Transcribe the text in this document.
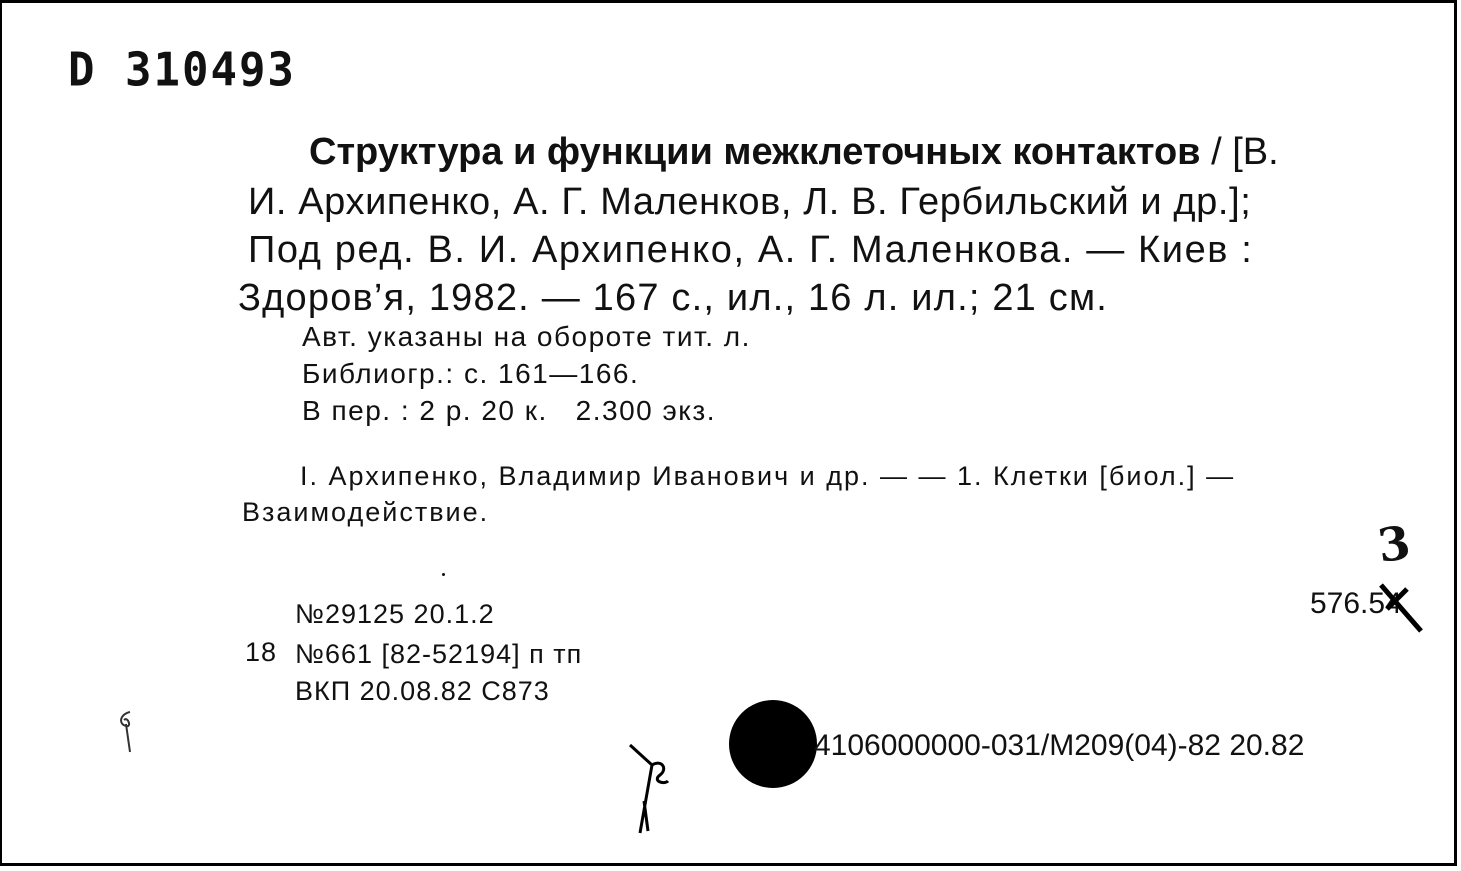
D 310493
Структура и функции межклеточных контактов / [В.
И. Архипенко, А. Г. Маленков, Л. В. Гербильский и др.];
Под ред. В. И. Архипенко, А. Г. Маленкова. — Киев :
Здоров’я, 1982. — 167 с., ил., 16 л. ил.; 21 см.
Авт. указаны на обороте тит. л.
Библиогр.: с. 161—166.
В пер. : 2 р. 20 к.   2.300 экз.
I. Архипенко, Владимир Иванович и др. — — 1. Клетки [биол.] —
Взаимодействие.
3
576.54
№29125 20.1.2
18 №661 [82-52194] п тп
ВКП 20.08.82 С873
4106000000-031/М209(04)-82 20.82
